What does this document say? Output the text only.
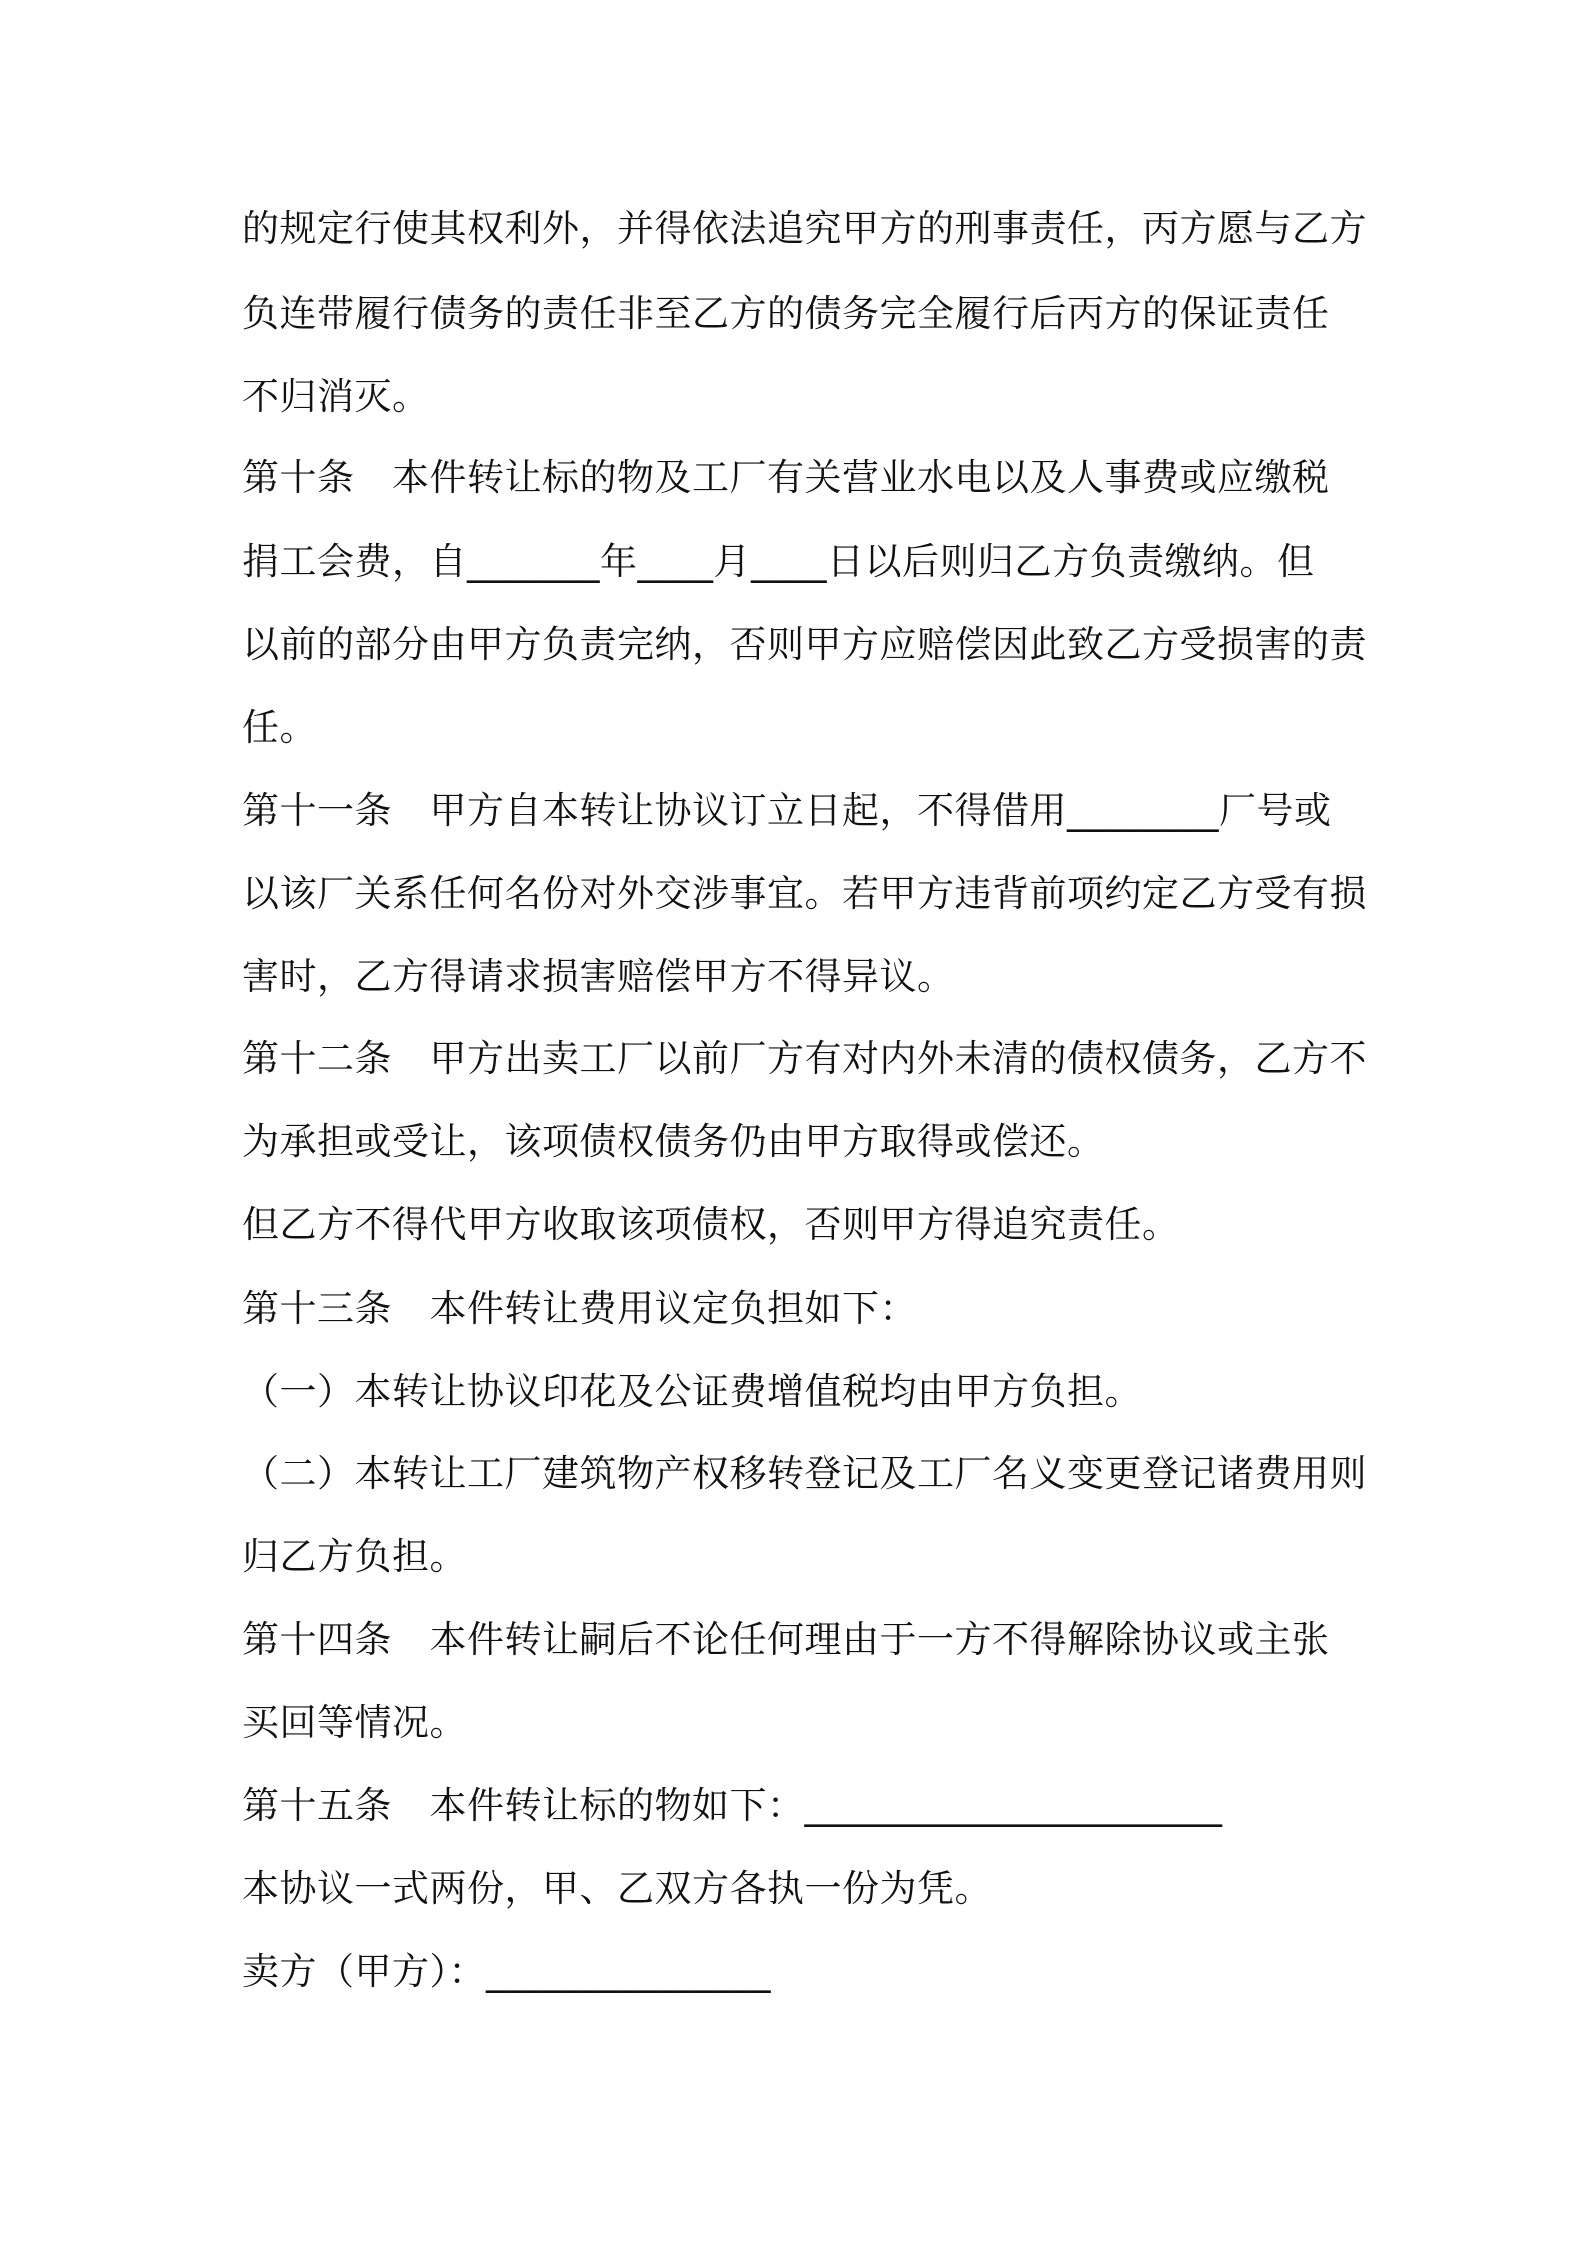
的规定行使其权利外，并得依法追究甲方的刑事责任，丙方愿与乙方
负连带履行债务的责任非至乙方的债务完全履行后丙方的保证责任
不归消灭。
第十条　本件转让标的物及工厂有关营业水电以及人事费或应缴税
捐工会费，自_______年____月____日以后则归乙方负责缴纳。但
以前的部分由甲方负责完纳，否则甲方应赔偿因此致乙方受损害的责
任。
第十一条　甲方自本转让协议订立日起，不得借用________厂号或
以该厂关系任何名份对外交涉事宜。若甲方违背前项约定乙方受有损
害时，乙方得请求损害赔偿甲方不得异议。
第十二条　甲方出卖工厂以前厂方有对内外未清的债权债务，乙方不
为承担或受让，该项债权债务仍由甲方取得或偿还。
但乙方不得代甲方收取该项债权，否则甲方得追究责任。
第十三条　本件转让费用议定负担如下：
（一）本转让协议印花及公证费增值税均由甲方负担。
（二）本转让工厂建筑物产权移转登记及工厂名义变更登记诸费用则
归乙方负担。
第十四条　本件转让嗣后不论任何理由于一方不得解除协议或主张
买回等情况。
第十五条　本件转让标的物如下：______________________
本协议一式两份，甲、乙双方各执一份为凭。
卖方（甲方）：_______________
